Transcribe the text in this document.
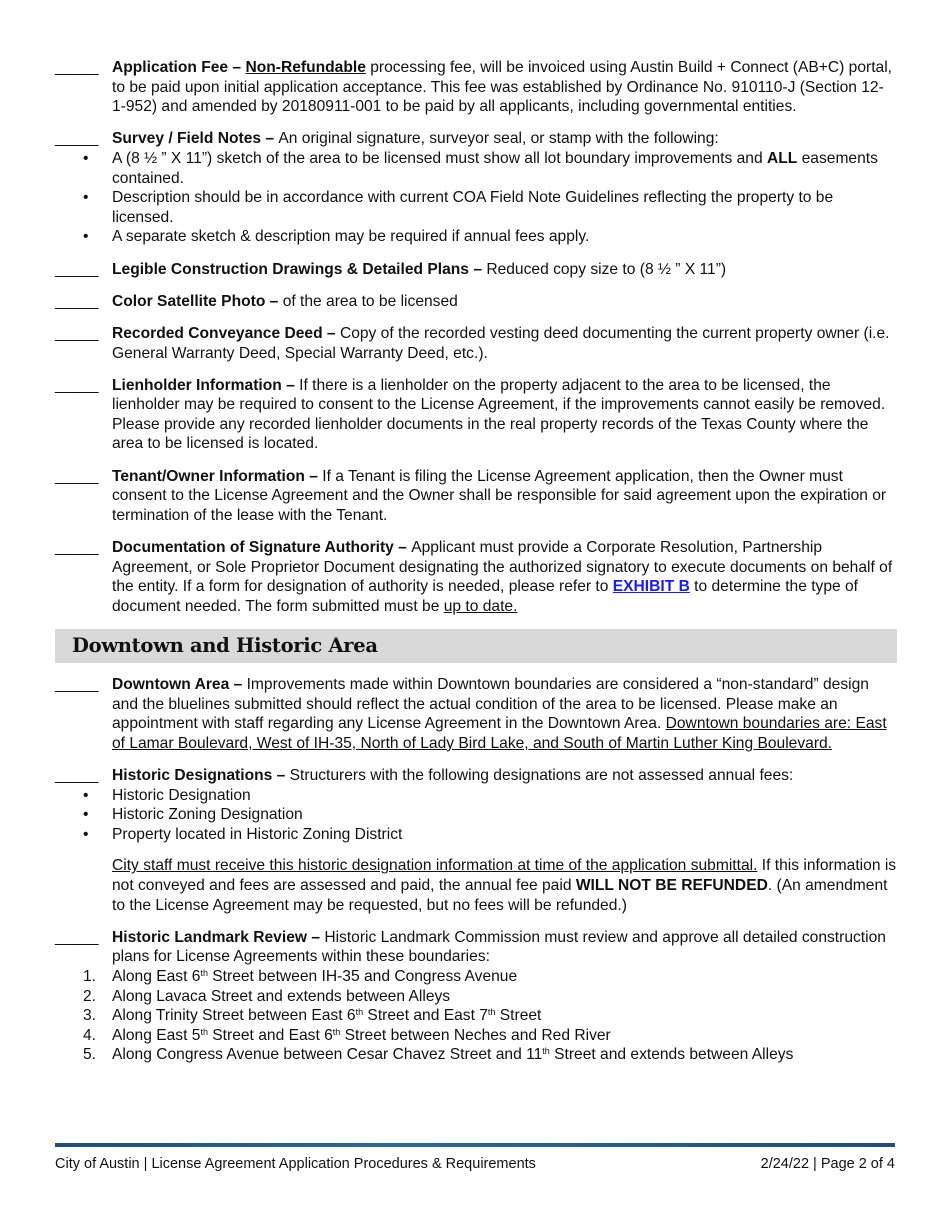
_____ Application Fee – Non-Refundable processing fee, will be invoiced using Austin Build + Connect (AB+C) portal, to be paid upon initial application acceptance. This fee was established by Ordinance No. 910110-J (Section 12-1-952) and amended by 20180911-001 to be paid by all applicants, including governmental entities.
_____ Survey / Field Notes – An original signature, surveyor seal, or stamp with the following:
• A (8 ½ ” X 11”) sketch of the area to be licensed must show all lot boundary improvements and ALL easements contained.
• Description should be in accordance with current COA Field Note Guidelines reflecting the property to be licensed.
• A separate sketch & description may be required if annual fees apply.
_____ Legible Construction Drawings & Detailed Plans – Reduced copy size to (8 ½ ” X 11”)
_____ Color Satellite Photo – of the area to be licensed
_____ Recorded Conveyance Deed – Copy of the recorded vesting deed documenting the current property owner (i.e. General Warranty Deed, Special Warranty Deed, etc.).
_____ Lienholder Information – If there is a lienholder on the property adjacent to the area to be licensed, the lienholder may be required to consent to the License Agreement, if the improvements cannot easily be removed. Please provide any recorded lienholder documents in the real property records of the Texas County where the area to be licensed is located.
_____ Tenant/Owner Information – If a Tenant is filing the License Agreement application, then the Owner must consent to the License Agreement and the Owner shall be responsible for said agreement upon the expiration or termination of the lease with the Tenant.
_____ Documentation of Signature Authority – Applicant must provide a Corporate Resolution, Partnership Agreement, or Sole Proprietor Document designating the authorized signatory to execute documents on behalf of the entity. If a form for designation of authority is needed, please refer to EXHIBIT B to determine the type of document needed. The form submitted must be up to date.
Downtown and Historic Area
_____ Downtown Area – Improvements made within Downtown boundaries are considered a “non-standard” design and the bluelines submitted should reflect the actual condition of the area to be licensed. Please make an appointment with staff regarding any License Agreement in the Downtown Area. Downtown boundaries are: East of Lamar Boulevard, West of IH-35, North of Lady Bird Lake, and South of Martin Luther King Boulevard.
_____ Historic Designations – Structurers with the following designations are not assessed annual fees:
• Historic Designation
• Historic Zoning Designation
• Property located in Historic Zoning District
City staff must receive this historic designation information at time of the application submittal. If this information is not conveyed and fees are assessed and paid, the annual fee paid WILL NOT BE REFUNDED. (An amendment to the License Agreement may be requested, but no fees will be refunded.)
_____ Historic Landmark Review – Historic Landmark Commission must review and approve all detailed construction plans for License Agreements within these boundaries:
1. Along East 6th Street between IH-35 and Congress Avenue
2. Along Lavaca Street and extends between Alleys
3. Along Trinity Street between East 6th Street and East 7th Street
4. Along East 5th Street and East 6th Street between Neches and Red River
5. Along Congress Avenue between Cesar Chavez Street and 11th Street and extends between Alleys
City of Austin | License Agreement Application Procedures & Requirements	2/24/22 | Page 2 of 4
